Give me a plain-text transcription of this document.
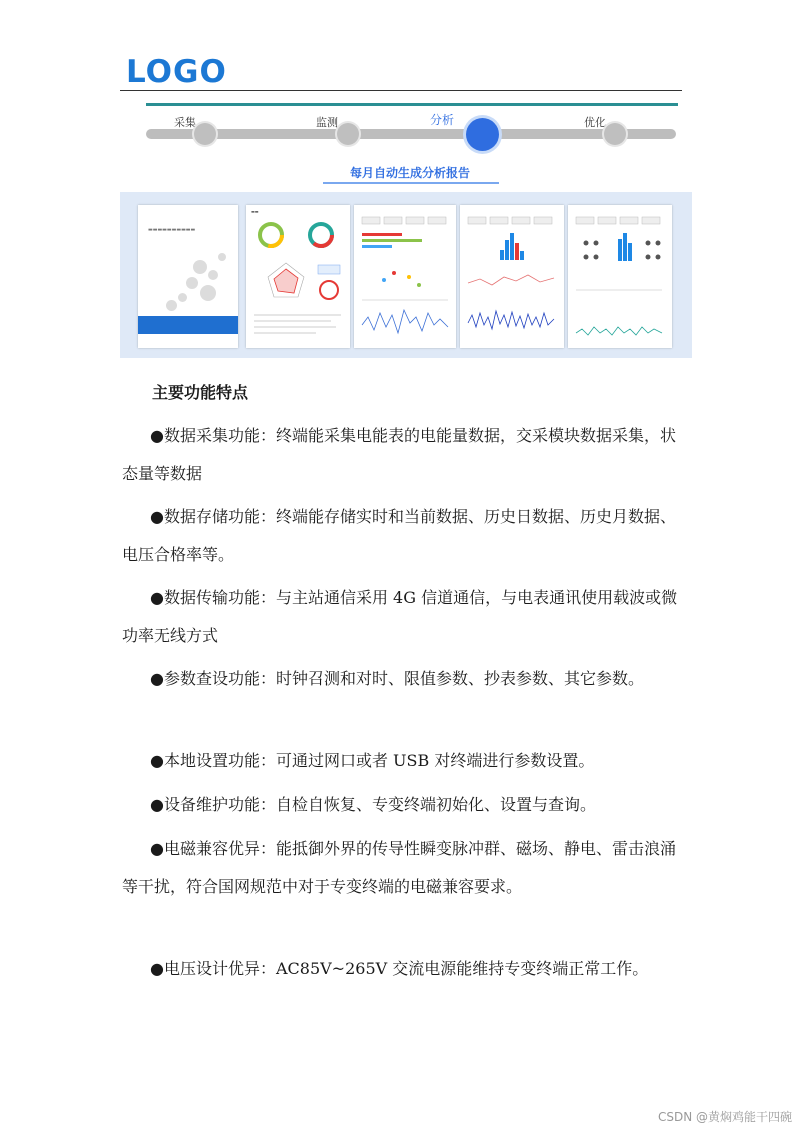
LOGO
采集	监测	分析	优化
每月自动生成分析报告
▬▬▬▬▬▬▬▬▬▬
▬▬
主要功能特点
●数据采集功能：终端能采集电能表的电能量数据，交采模块数据采集，状态量等数据
●数据存储功能：终端能存储实时和当前数据、历史日数据、历史月数据、电压合格率等。
●数据传输功能：与主站通信采用 4G 信道通信，与电表通讯使用载波或微功率无线方式
●参数查设功能：时钟召测和对时、限值参数、抄表参数、其它参数。
●本地设置功能：可通过网口或者 USB 对终端进行参数设置。
●设备维护功能：自检自恢复、专变终端初始化、设置与查询。
●电磁兼容优异：能抵御外界的传导性瞬变脉冲群、磁场、静电、雷击浪涌等干扰，符合国网规范中对于专变终端的电磁兼容要求。
●电压设计优异：AC85V~265V 交流电源能维持专变终端正常工作。
CSDN @黄焖鸡能干四碗
